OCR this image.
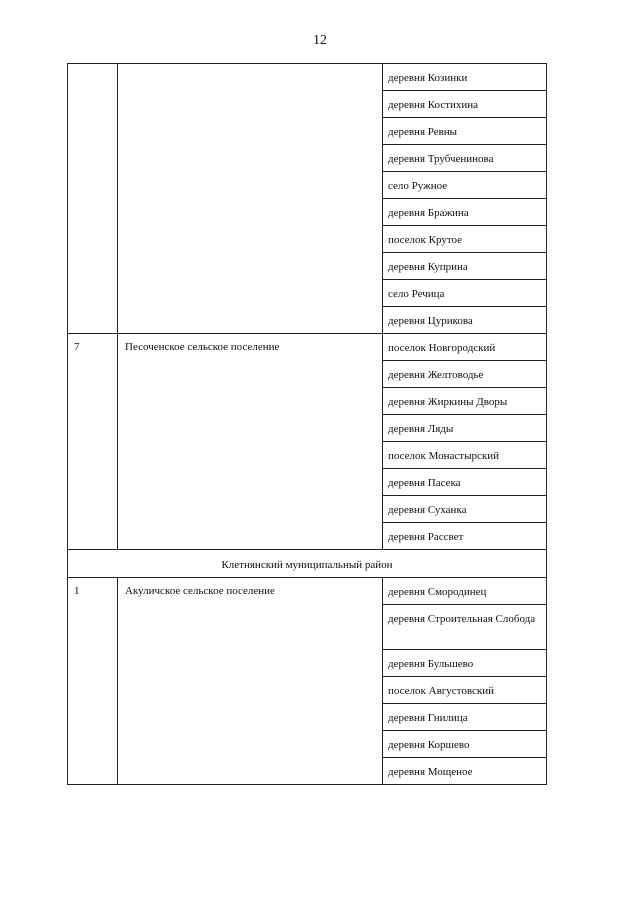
12
		деревня Козинки
		деревня Костихина
		деревня Ревны
		деревня Трубченинова
		село Ружное
		деревня Бражина
		поселок Крутое
		деревня Куприна
		село Речица
		деревня Цурикова
7	Песоченское сельское поселение	поселок Новгородский
		деревня Желтоводье
		деревня Жиркины Дворы
		деревня Ляды
		поселок Монастырский
		деревня Пасека
		деревня Суханка
		деревня Рассвет
Клетнянский муниципальный район		
1	Акуличское сельское поселение	деревня Смородинец
		деревня Строительная Слобода
		деревня Бульшево
		поселок Августовский
		деревня Гнилица
		деревня Коршево
		деревня Мощеное
